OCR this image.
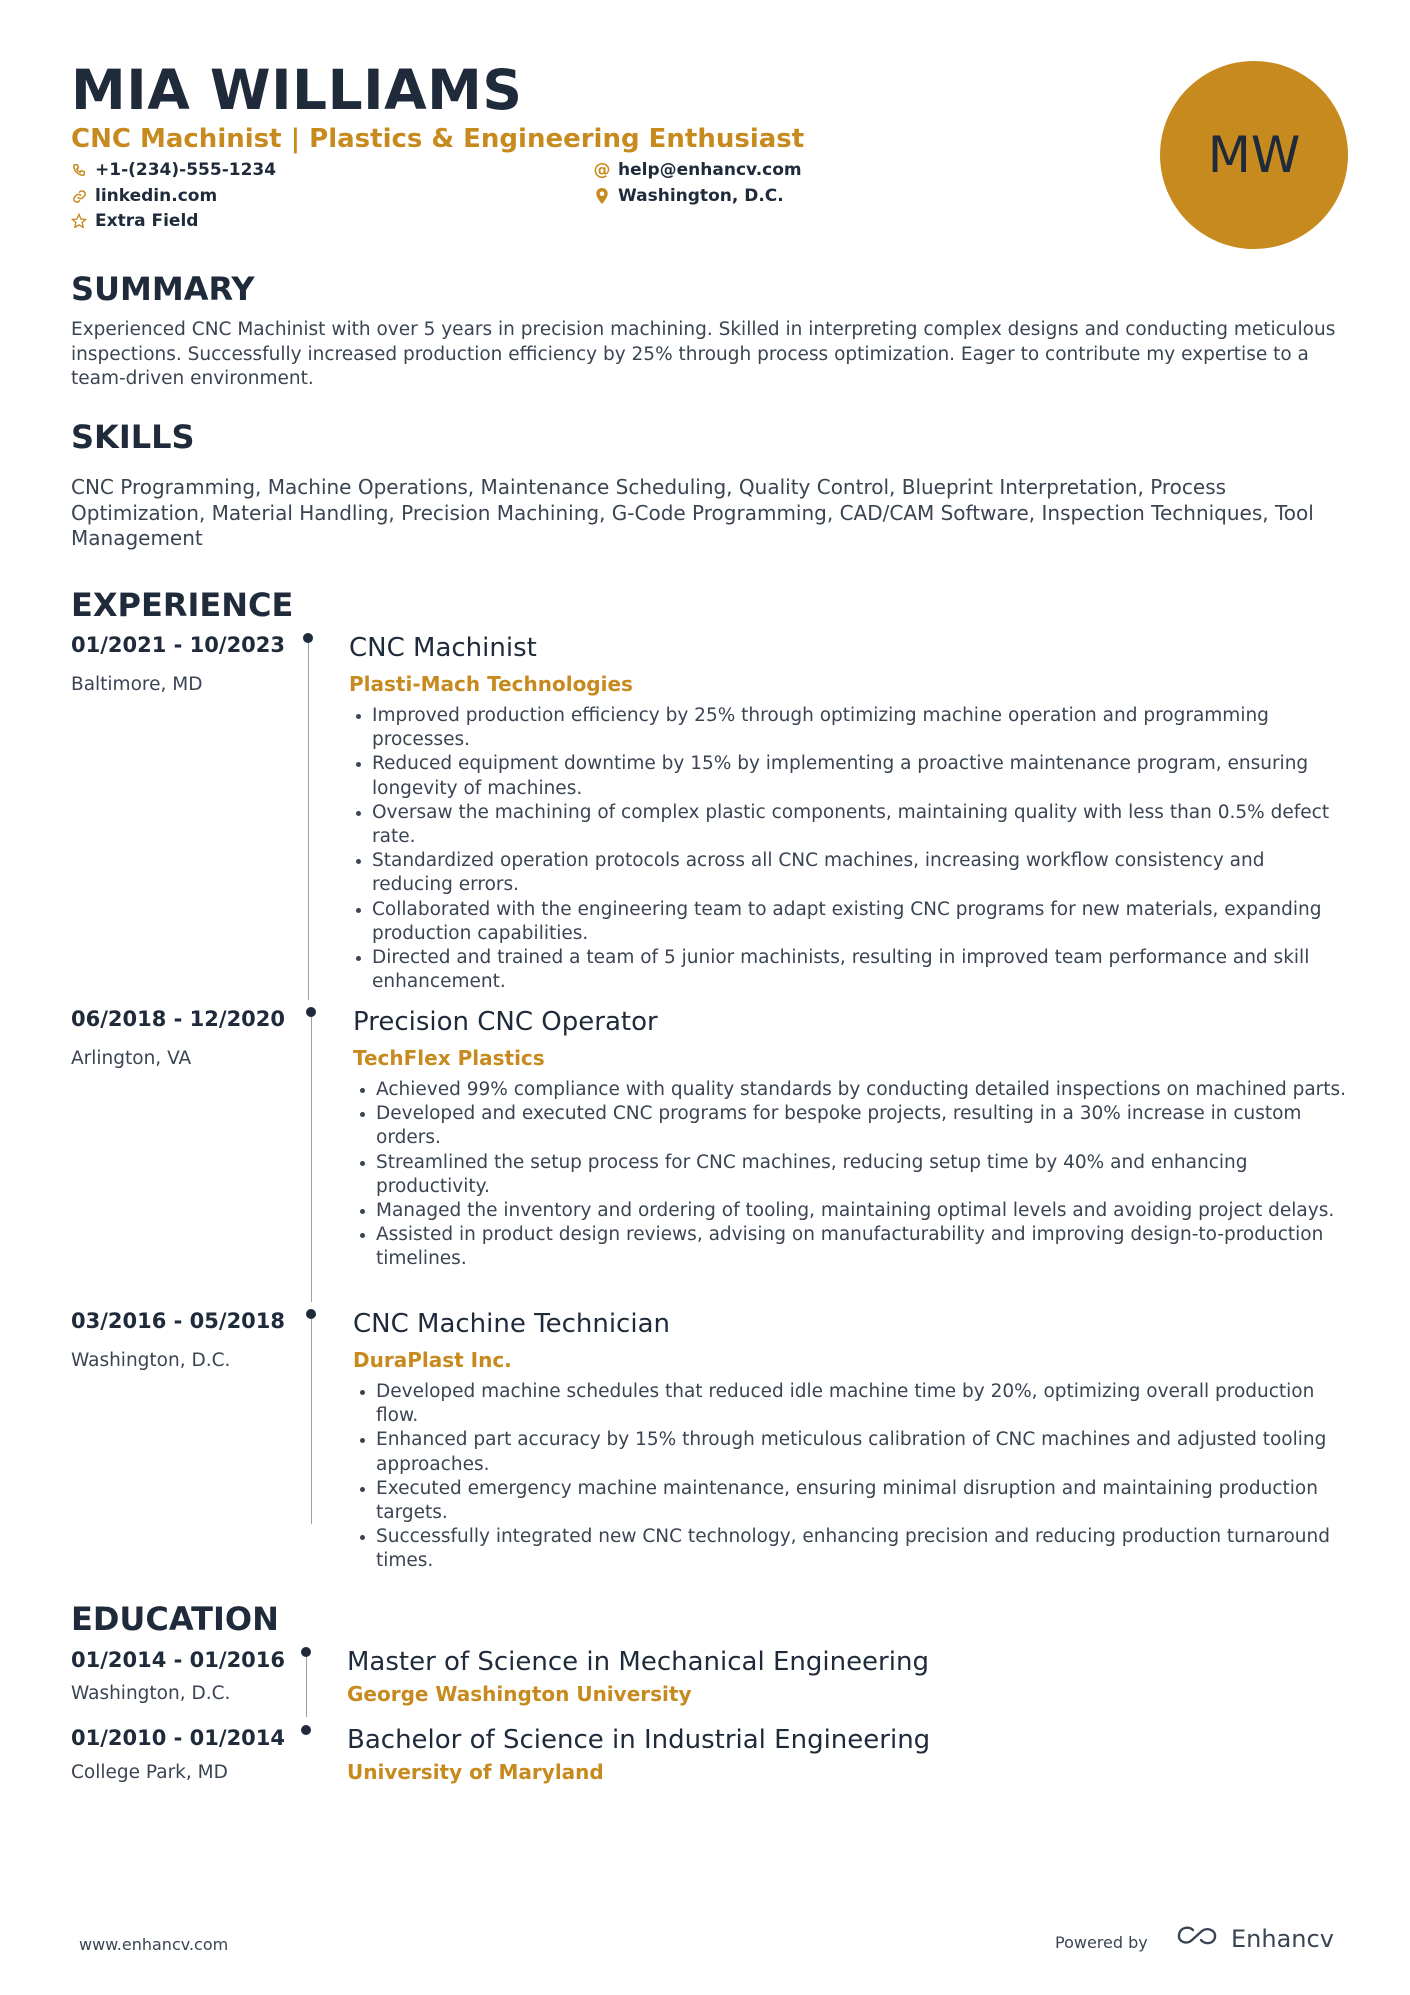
MIA WILLIAMS
CNC Machinist | Plastics & Engineering Enthusiast
+1-(234)-555-1234	@ help@enhancv.com
linkedin.com	Washington, D.C.
Extra Field
MW
SUMMARY
Experienced CNC Machinist with over 5 years in precision machining. Skilled in interpreting complex designs and conducting meticulous inspections. Successfully increased production efficiency by 25% through process optimization. Eager to contribute my expertise to a team-driven environment.
SKILLS
CNC Programming, Machine Operations, Maintenance Scheduling, Quality Control, Blueprint Interpretation, Process Optimization, Material Handling, Precision Machining, G-Code Programming, CAD/CAM Software, Inspection Techniques, Tool Management
EXPERIENCE
01/2021 - 10/2023
Baltimore, MD
CNC Machinist
Plasti-Mach Technologies
Improved production efficiency by 25% through optimizing machine operation and programming processes.
Reduced equipment downtime by 15% by implementing a proactive maintenance program, ensuring longevity of machines.
Oversaw the machining of complex plastic components, maintaining quality with less than 0.5% defect rate.
Standardized operation protocols across all CNC machines, increasing workflow consistency and reducing errors.
Collaborated with the engineering team to adapt existing CNC programs for new materials, expanding production capabilities.
Directed and trained a team of 5 junior machinists, resulting in improved team performance and skill enhancement.
06/2018 - 12/2020
Arlington, VA
Precision CNC Operator
TechFlex Plastics
Achieved 99% compliance with quality standards by conducting detailed inspections on machined parts.
Developed and executed CNC programs for bespoke projects, resulting in a 30% increase in custom orders.
Streamlined the setup process for CNC machines, reducing setup time by 40% and enhancing productivity.
Managed the inventory and ordering of tooling, maintaining optimal levels and avoiding project delays.
Assisted in product design reviews, advising on manufacturability and improving design-to-production timelines.
03/2016 - 05/2018
Washington, D.C.
CNC Machine Technician
DuraPlast Inc.
Developed machine schedules that reduced idle machine time by 20%, optimizing overall production flow.
Enhanced part accuracy by 15% through meticulous calibration of CNC machines and adjusted tooling approaches.
Executed emergency machine maintenance, ensuring minimal disruption and maintaining production targets.
Successfully integrated new CNC technology, enhancing precision and reducing production turnaround times.
EDUCATION
01/2014 - 01/2016
Washington, D.C.
Master of Science in Mechanical Engineering
George Washington University
01/2010 - 01/2014
College Park, MD
Bachelor of Science in Industrial Engineering
University of Maryland
www.enhancv.com	Powered by	Enhancv
